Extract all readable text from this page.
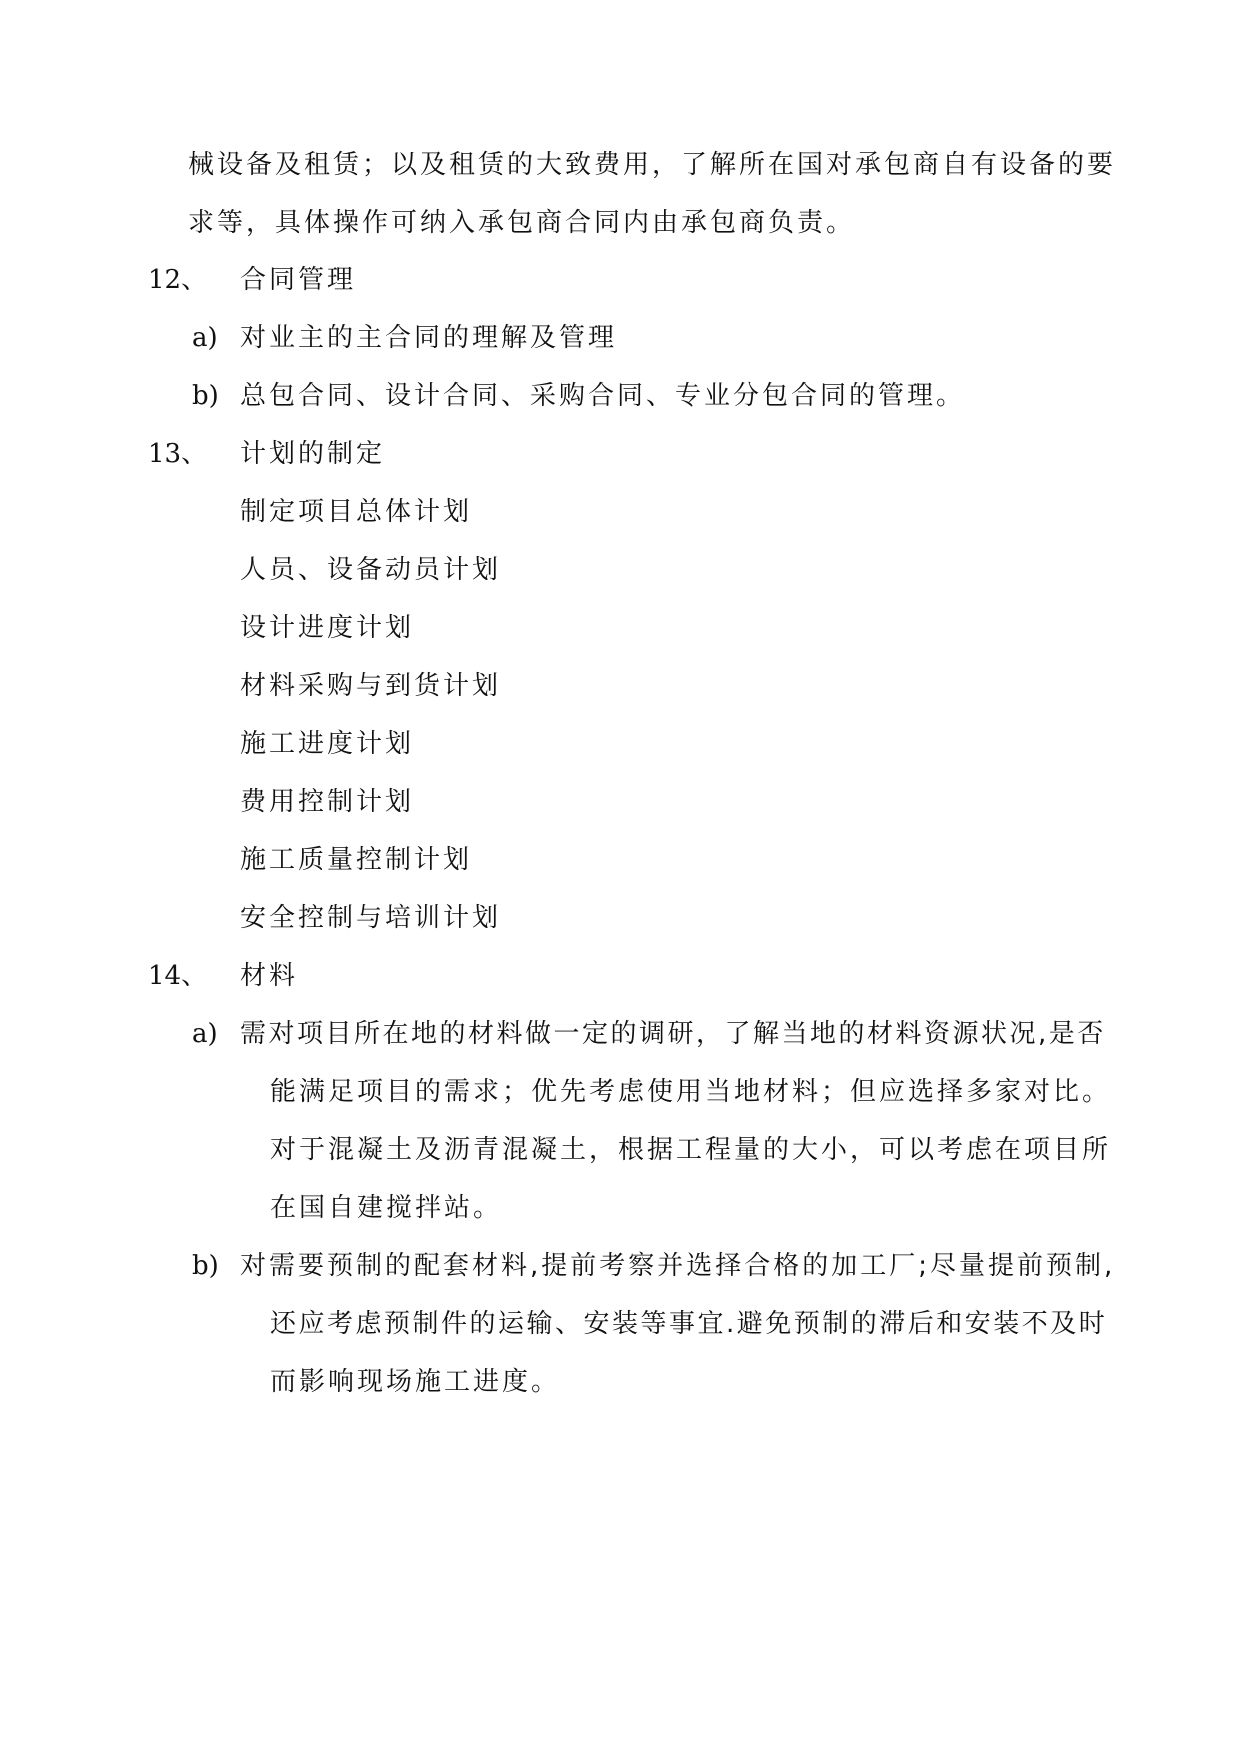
械设备及租赁；以及租赁的大致费用，了解所在国对承包商自有设备的要
求等，具体操作可纳入承包商合同内由承包商负责。
12、 合同管理
a) 对业主的主合同的理解及管理
b) 总包合同、设计合同、采购合同、专业分包合同的管理。
13、 计划的制定
制定项目总体计划
人员、设备动员计划
设计进度计划
材料采购与到货计划
施工进度计划
费用控制计划
施工质量控制计划
安全控制与培训计划
14、 材料
a) 需对项目所在地的材料做一定的调研，了解当地的材料资源状况,是否
能满足项目的需求；优先考虑使用当地材料；但应选择多家对比。
对于混凝土及沥青混凝土，根据工程量的大小，可以考虑在项目所
在国自建搅拌站。
b) 对需要预制的配套材料,提前考察并选择合格的加工厂;尽量提前预制,
还应考虑预制件的运输、安装等事宜.避免预制的滞后和安装不及时
而影响现场施工进度。
